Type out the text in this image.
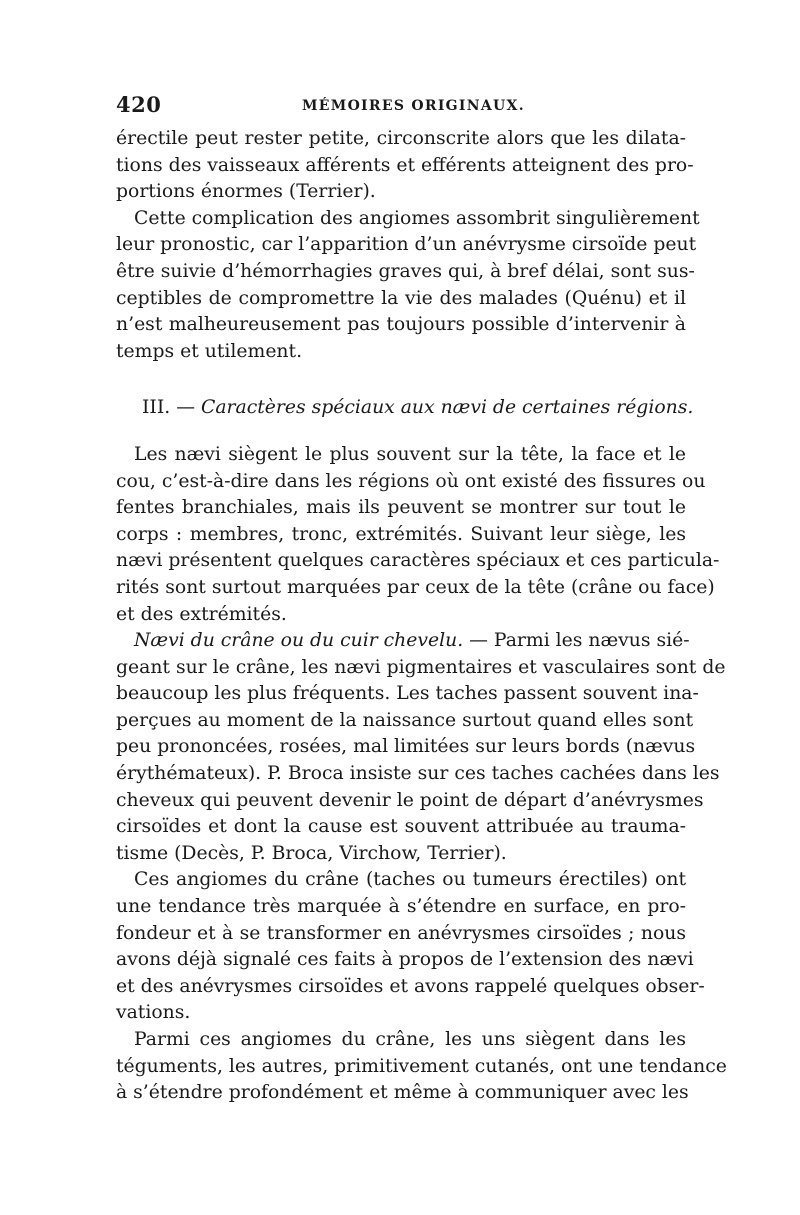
420	MÉMOIRES ORIGINAUX.
érectile peut rester petite, circonscrite alors que les dilata-
tions des vaisseaux afférents et efférents atteignent des pro-
portions énormes (Terrier).
Cette complication des angiomes assombrit singulièrement
leur pronostic, car l’apparition d’un anévrysme cirsoïde peut
être suivie d’hémorrhagies graves qui, à bref délai, sont sus-
ceptibles de compromettre la vie des malades (Quénu) et il
n’est malheureusement pas toujours possible d’intervenir à
temps et utilement.
III. — Caractères spéciaux aux nævi de certaines régions.
Les nævi siègent le plus souvent sur la tête, la face et le
cou, c’est-à-dire dans les régions où ont existé des fissures ou
fentes branchiales, mais ils peuvent se montrer sur tout le
corps : membres, tronc, extrémités. Suivant leur siège, les
nævi présentent quelques caractères spéciaux et ces particula-
rités sont surtout marquées par ceux de la tête (crâne ou face)
et des extrémités.
Nævi du crâne ou du cuir chevelu. — Parmi les nævus sié-
geant sur le crâne, les nævi pigmentaires et vasculaires sont de
beaucoup les plus fréquents. Les taches passent souvent ina-
perçues au moment de la naissance surtout quand elles sont
peu prononcées, rosées, mal limitées sur leurs bords (nævus
érythémateux). P. Broca insiste sur ces taches cachées dans les
cheveux qui peuvent devenir le point de départ d’anévrysmes
cirsoïdes et dont la cause est souvent attribuée au trauma-
tisme (Decès, P. Broca, Virchow, Terrier).
Ces angiomes du crâne (taches ou tumeurs érectiles) ont
une tendance très marquée à s’étendre en surface, en pro-
fondeur et à se transformer en anévrysmes cirsoïdes ; nous
avons déjà signalé ces faits à propos de l’extension des nævi
et des anévrysmes cirsoïdes et avons rappelé quelques obser-
vations.
Parmi ces angiomes du crâne, les uns siègent dans les
téguments, les autres, primitivement cutanés, ont une tendance
à s’étendre profondément et même à communiquer avec les
